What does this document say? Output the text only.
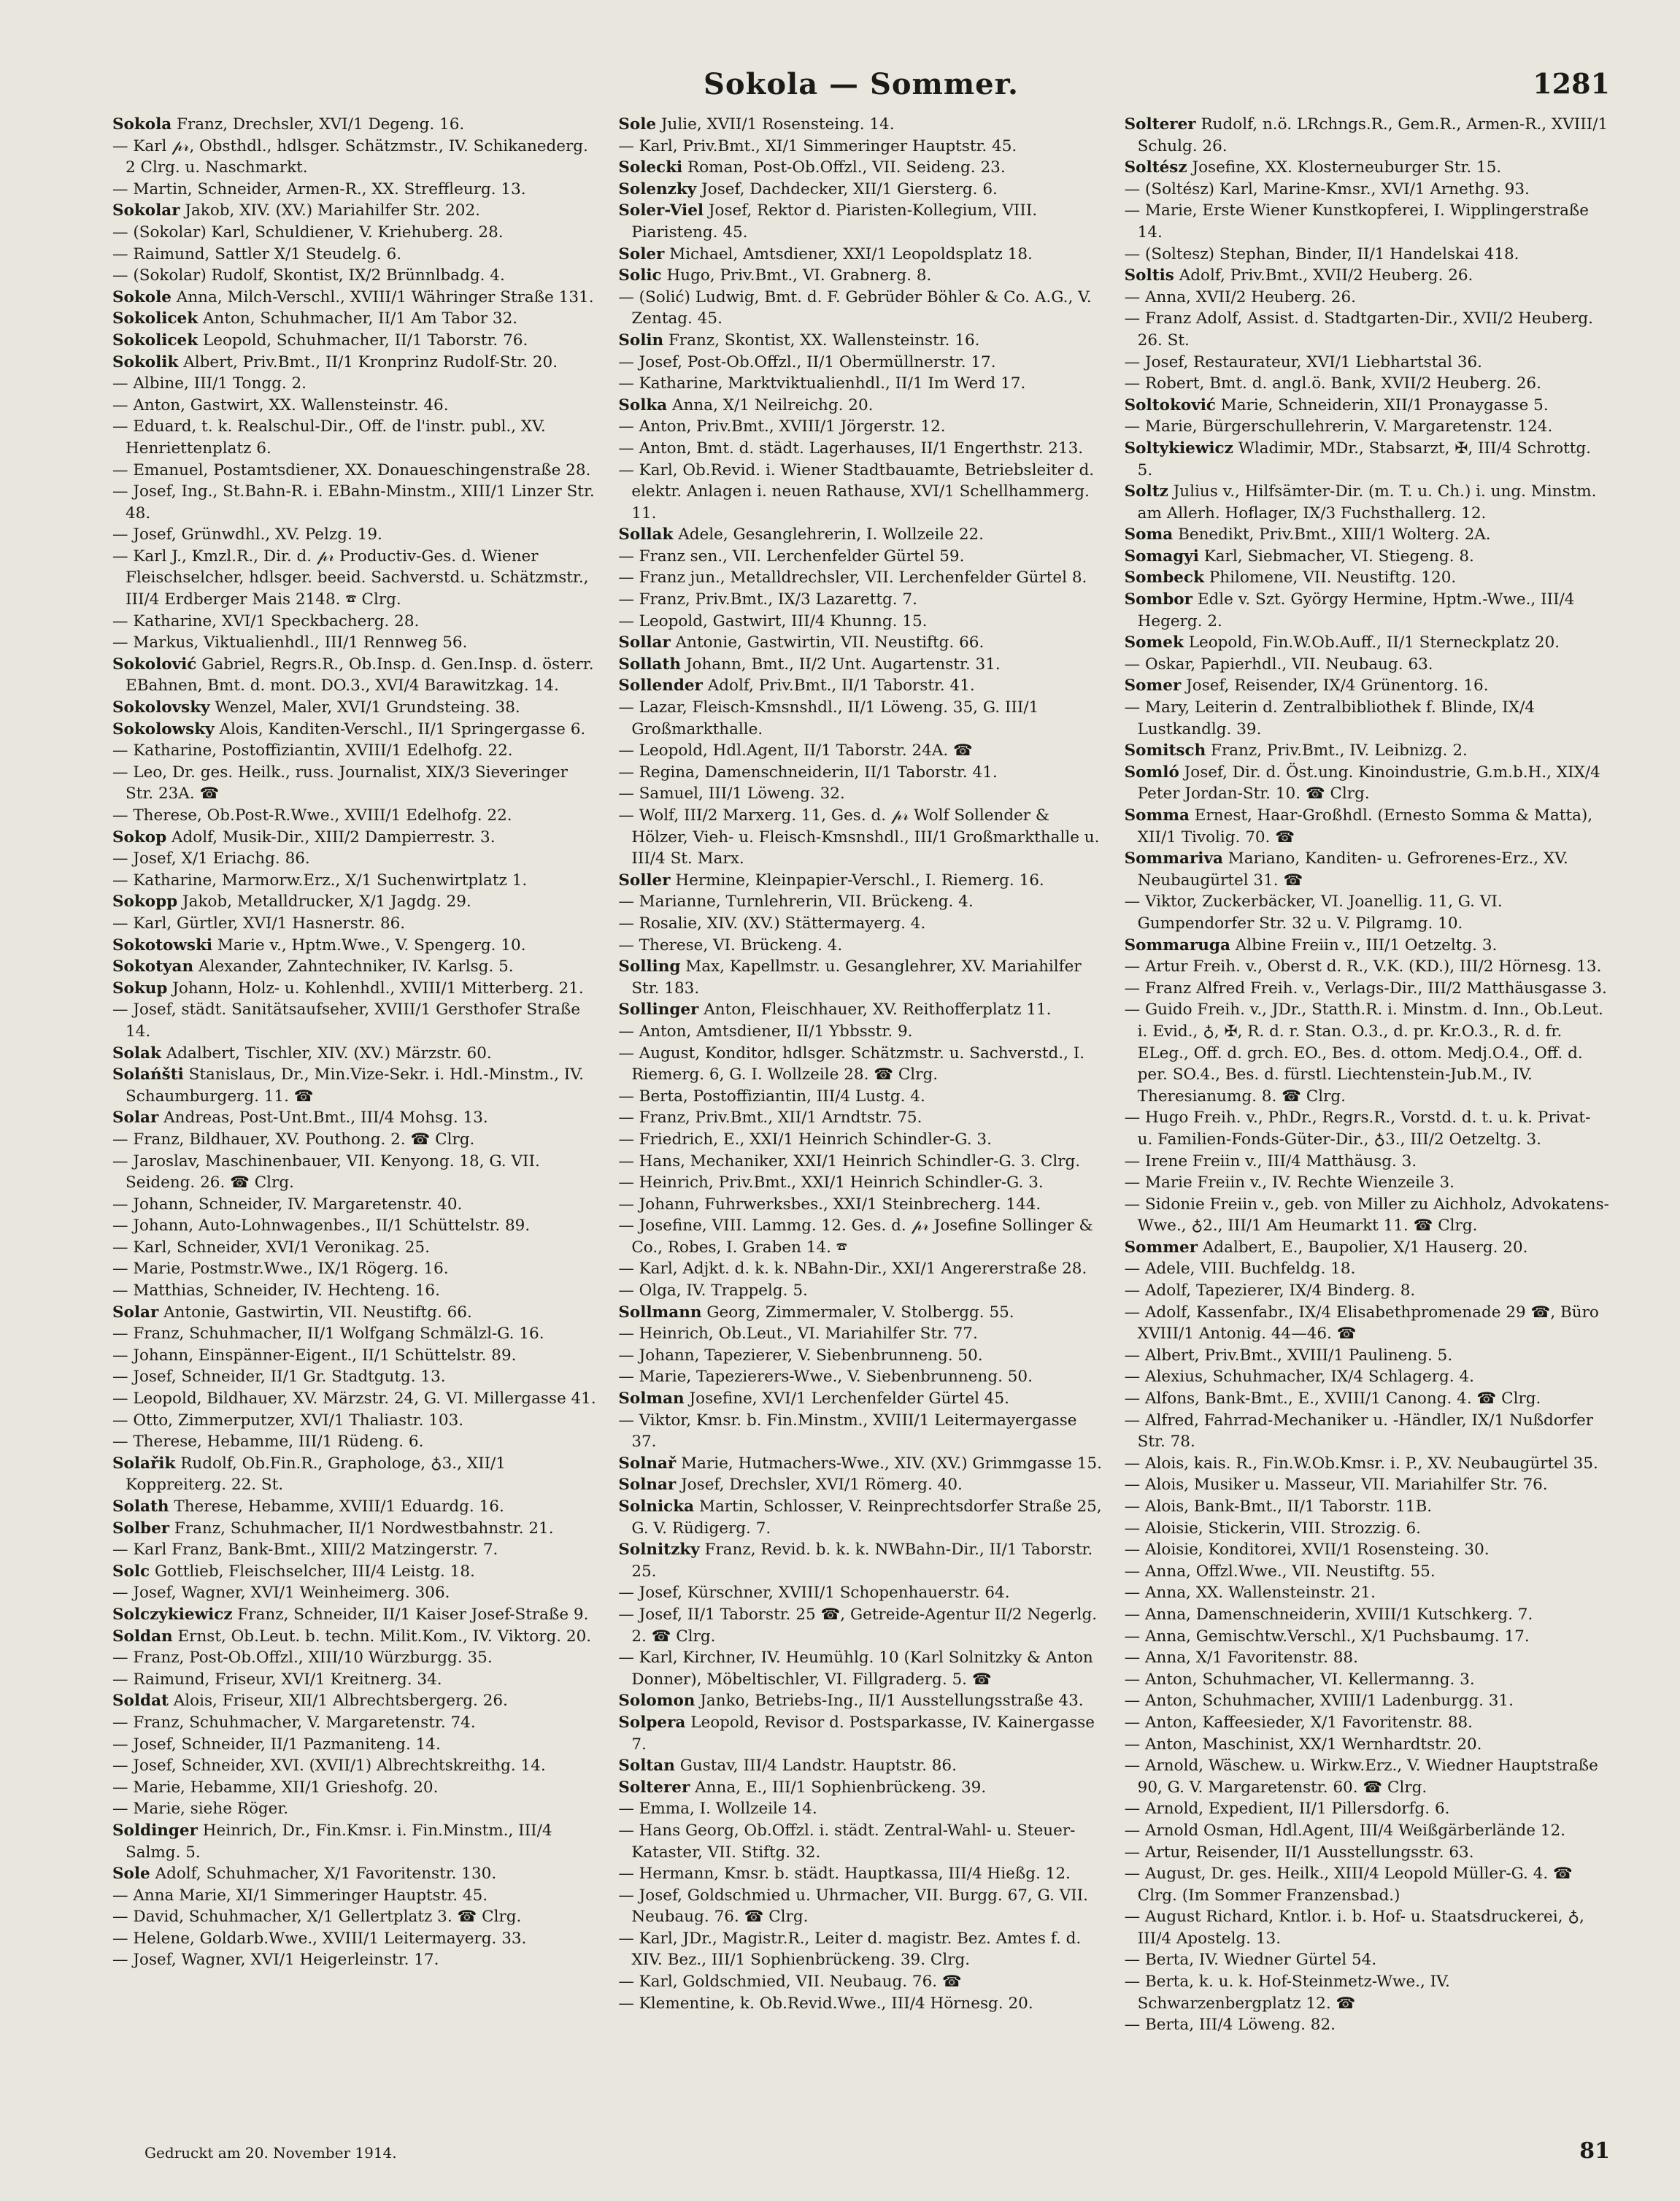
Sokola — Sommer.	1281

Sokola Franz, Drechsler, XVI/1 Degeng. 16.

— Karl 𝓅𝓇, Obsthdl., hdlsger. Schätzmstr., IV. Schikanederg. 2 Clrg. u. Naschmarkt.

— Martin, Schneider, Armen-R., XX. Streffleurg. 13.

Sokolar Jakob, XIV. (XV.) Mariahilfer Str. 202.

— (Sokolar) Karl, Schuldiener, V. Kriehuberg. 28.

— Raimund, Sattler X/1 Steudelg. 6.

— (Sokolar) Rudolf, Skontist, IX/2 Brünnlbadg. 4.

Sokole Anna, Milch-Verschl., XVIII/1 Währinger Straße 131.

Sokolicek Anton, Schuhmacher, II/1 Am Tabor 32.

Sokolicek Leopold, Schuhmacher, II/1 Taborstr. 76.

Sokolik Albert, Priv.Bmt., II/1 Kronprinz Rudolf-Str. 20.

— Albine, III/1 Tongg. 2.

— Anton, Gastwirt, XX. Wallensteinstr. 46.

— Eduard, t. k. Realschul-Dir., Off. de l'instr. publ., XV. Henriettenplatz 6.

— Emanuel, Postamtsdiener, XX. Donaueschingenstraße 28.

— Josef, Ing., St.Bahn-R. i. EBahn-Minstm., XIII/1 Linzer Str. 48.

— Josef, Grünwdhl., XV. Pelzg. 19.

— Karl J., Kmzl.R., Dir. d. 𝓅𝓇 Productiv-Ges. d. Wiener Fleischselcher, hdlsger. beeid. Sachverstd. u. Schätzmstr., III/4 Erdberger Mais 2148. ☎ Clrg.

— Katharine, XVI/1 Speckbacherg. 28.

— Markus, Viktualienhdl., III/1 Rennweg 56.

Sokolović Gabriel, Regrs.R., Ob.Insp. d. Gen.Insp. d. österr. EBahnen, Bmt. d. mont. DO.3., XVI/4 Barawitzkag. 14.

Sokolovsky Wenzel, Maler, XVI/1 Grundsteing. 38.

Sokolowsky Alois, Kanditen-Verschl., II/1 Springergasse 6.

— Katharine, Postoffiziantin, XVIII/1 Edelhofg. 22.

— Leo, Dr. ges. Heilk., russ. Journalist, XIX/3 Sieveringer Str. 23A. ☎

— Therese, Ob.Post-R.Wwe., XVIII/1 Edelhofg. 22.

Sokop Adolf, Musik-Dir., XIII/2 Dampierrestr. 3.

— Josef, X/1 Eriachg. 86.

— Katharine, Marmorw.Erz., X/1 Suchenwirtplatz 1.

Sokopp Jakob, Metalldrucker, X/1 Jagdg. 29.

— Karl, Gürtler, XVI/1 Hasnerstr. 86.

Sokotowski Marie v., Hptm.Wwe., V. Spengerg. 10.

Sokotyan Alexander, Zahntechniker, IV. Karlsg. 5.

Sokup Johann, Holz- u. Kohlenhdl., XVIII/1 Mitterberg. 21.

— Josef, städt. Sanitätsaufseher, XVIII/1 Gersthofer Straße 14.

Solak Adalbert, Tischler, XIV. (XV.) Märzstr. 60.

Solańšti Stanislaus, Dr., Min.Vize-Sekr. i. Hdl.-Minstm., IV. Schaumburgerg. 11. ☎

Solar Andreas, Post-Unt.Bmt., III/4 Mohsg. 13.

— Franz, Bildhauer, XV. Pouthong. 2. ☎ Clrg.

— Jaroslav, Maschinenbauer, VII. Kenyong. 18, G. VII. Seideng. 26. ☎ Clrg.

— Johann, Schneider, IV. Margaretenstr. 40.

— Johann, Auto-Lohnwagenbes., II/1 Schüttelstr. 89.

— Karl, Schneider, XVI/1 Veronikag. 25.

— Marie, Postmstr.Wwe., IX/1 Rögerg. 16.

— Matthias, Schneider, IV. Hechteng. 16.

Solar Antonie, Gastwirtin, VII. Neustiftg. 66.

— Franz, Schuhmacher, II/1 Wolfgang Schmälzl-G. 16.

— Johann, Einspänner-Eigent., II/1 Schüttelstr. 89.

— Josef, Schneider, II/1 Gr. Stadtgutg. 13.

— Leopold, Bildhauer, XV. Märzstr. 24, G. VI. Millergasse 41.

— Otto, Zimmerputzer, XVI/1 Thaliastr. 103.

— Therese, Hebamme, III/1 Rüdeng. 6.

Solařik Rudolf, Ob.Fin.R., Graphologe, ♁3., XII/1 Koppreiterg. 22. St.

Solath Therese, Hebamme, XVIII/1 Eduardg. 16.

Solber Franz, Schuhmacher, II/1 Nordwestbahnstr. 21.

— Karl Franz, Bank-Bmt., XIII/2 Matzingerstr. 7.

Solc Gottlieb, Fleischselcher, III/4 Leistg. 18.

— Josef, Wagner, XVI/1 Weinheimerg. 306.

Solczykiewicz Franz, Schneider, II/1 Kaiser Josef-Straße 9.

Soldan Ernst, Ob.Leut. b. techn. Milit.Kom., IV. Viktorg. 20.

— Franz, Post-Ob.Offzl., XIII/10 Würzburgg. 35.

— Raimund, Friseur, XVI/1 Kreitnerg. 34.

Soldat Alois, Friseur, XII/1 Albrechtsbergerg. 26.

— Franz, Schuhmacher, V. Margaretenstr. 74.

— Josef, Schneider, II/1 Pazmaniteng. 14.

— Josef, Schneider, XVI. (XVII/1) Albrechtskreithg. 14.

— Marie, Hebamme, XII/1 Grieshofg. 20.

— Marie, siehe Röger.

Soldinger Heinrich, Dr., Fin.Kmsr. i. Fin.Minstm., III/4 Salmg. 5.

Sole Adolf, Schuhmacher, X/1 Favoritenstr. 130.

— Anna Marie, XI/1 Simmeringer Hauptstr. 45.

— David, Schuhmacher, X/1 Gellertplatz 3. ☎ Clrg.

— Helene, Goldarb.Wwe., XVIII/1 Leitermayerg. 33.

— Josef, Wagner, XVI/1 Heigerleinstr. 17.

Sole Julie, XVII/1 Rosensteing. 14.

— Karl, Priv.Bmt., XI/1 Simmeringer Hauptstr. 45.

Solecki Roman, Post-Ob.Offzl., VII. Seideng. 23.

Solenzky Josef, Dachdecker, XII/1 Giersterg. 6.

Soler-Viel Josef, Rektor d. Piaristen-Kollegium, VIII. Piaristeng. 45.

Soler Michael, Amtsdiener, XXI/1 Leopoldsplatz 18.

Solic Hugo, Priv.Bmt., VI. Grabnerg. 8.

— (Solić) Ludwig, Bmt. d. F. Gebrüder Böhler & Co. A.G., V. Zentag. 45.

Solin Franz, Skontist, XX. Wallensteinstr. 16.

— Josef, Post-Ob.Offzl., II/1 Obermüllnerstr. 17.

— Katharine, Marktviktualienhdl., II/1 Im Werd 17.

Solka Anna, X/1 Neilreichg. 20.

— Anton, Priv.Bmt., XVIII/1 Jörgerstr. 12.

— Anton, Bmt. d. städt. Lagerhauses, II/1 Engerthstr. 213.

— Karl, Ob.Revid. i. Wiener Stadtbauamte, Betriebsleiter d. elektr. Anlagen i. neuen Rathause, XVI/1 Schellhammerg. 11.

Sollak Adele, Gesanglehrerin, I. Wollzeile 22.

— Franz sen., VII. Lerchenfelder Gürtel 59.

— Franz jun., Metalldrechsler, VII. Lerchenfelder Gürtel 8.

— Franz, Priv.Bmt., IX/3 Lazarettg. 7.

— Leopold, Gastwirt, III/4 Khunng. 15.

Sollar Antonie, Gastwirtin, VII. Neustiftg. 66.

Sollath Johann, Bmt., II/2 Unt. Augartenstr. 31.

Sollender Adolf, Priv.Bmt., II/1 Taborstr. 41.

— Lazar, Fleisch-Kmsnshdl., II/1 Löweng. 35, G. III/1 Großmarkthalle.

— Leopold, Hdl.Agent, II/1 Taborstr. 24A. ☎

— Regina, Damenschneiderin, II/1 Taborstr. 41.

— Samuel, III/1 Löweng. 32.

— Wolf, III/2 Marxerg. 11, Ges. d. 𝓅𝓇 Wolf Sollender & Hölzer, Vieh- u. Fleisch-Kmsnshdl., III/1 Großmarkthalle u. III/4 St. Marx.

Soller Hermine, Kleinpapier-Verschl., I. Riemerg. 16.

— Marianne, Turnlehrerin, VII. Brückeng. 4.

— Rosalie, XIV. (XV.) Stättermayerg. 4.

— Therese, VI. Brückeng. 4.

Solling Max, Kapellmstr. u. Gesanglehrer, XV. Mariahilfer Str. 183.

Sollinger Anton, Fleischhauer, XV. Reithofferplatz 11.

— Anton, Amtsdiener, II/1 Ybbsstr. 9.

— August, Konditor, hdlsger. Schätzmstr. u. Sachverstd., I. Riemerg. 6, G. I. Wollzeile 28. ☎ Clrg.

— Berta, Postoffiziantin, III/4 Lustg. 4.

— Franz, Priv.Bmt., XII/1 Arndtstr. 75.

— Friedrich, E., XXI/1 Heinrich Schindler-G. 3.

— Hans, Mechaniker, XXI/1 Heinrich Schindler-G. 3. Clrg.

— Heinrich, Priv.Bmt., XXI/1 Heinrich Schindler-G. 3.

— Johann, Fuhrwerksbes., XXI/1 Steinbrecherg. 144.

— Josefine, VIII. Lammg. 12. Ges. d. 𝓅𝓇 Josefine Sollinger & Co., Robes, I. Graben 14. ☎

— Karl, Adjkt. d. k. k. NBahn-Dir., XXI/1 Angererstraße 28.

— Olga, IV. Trappelg. 5.

Sollmann Georg, Zimmermaler, V. Stolbergg. 55.

— Heinrich, Ob.Leut., VI. Mariahilfer Str. 77.

— Johann, Tapezierer, V. Siebenbrunneng. 50.

— Marie, Tapezierers-Wwe., V. Siebenbrunneng. 50.

Solman Josefine, XVI/1 Lerchenfelder Gürtel 45.

— Viktor, Kmsr. b. Fin.Minstm., XVIII/1 Leitermayergasse 37.

Solnař Marie, Hutmachers-Wwe., XIV. (XV.) Grimmgasse 15.

Solnar Josef, Drechsler, XVI/1 Römerg. 40.

Solnicka Martin, Schlosser, V. Reinprechtsdorfer Straße 25, G. V. Rüdigerg. 7.

Solnitzky Franz, Revid. b. k. k. NWBahn-Dir., II/1 Taborstr. 25.

— Josef, Kürschner, XVIII/1 Schopenhauerstr. 64.

— Josef, II/1 Taborstr. 25 ☎, Getreide-Agentur II/2 Negerlg. 2. ☎ Clrg.

— Karl, Kirchner, IV. Heumühlg. 10 (Karl Solnitzky & Anton Donner), Möbeltischler, VI. Fillgraderg. 5. ☎

Solomon Janko, Betriebs-Ing., II/1 Ausstellungsstraße 43.

Solpera Leopold, Revisor d. Postsparkasse, IV. Kainergasse 7.

Soltan Gustav, III/4 Landstr. Hauptstr. 86.

Solterer Anna, E., III/1 Sophienbrückeng. 39.

— Emma, I. Wollzeile 14.

— Hans Georg, Ob.Offzl. i. städt. Zentral-Wahl- u. Steuer-Kataster, VII. Stiftg. 32.

— Hermann, Kmsr. b. städt. Hauptkassa, III/4 Hießg. 12.

— Josef, Goldschmied u. Uhrmacher, VII. Burgg. 67, G. VII. Neubaug. 76. ☎ Clrg.

— Karl, JDr., Magistr.R., Leiter d. magistr. Bez. Amtes f. d. XIV. Bez., III/1 Sophienbrückeng. 39. Clrg.

— Karl, Goldschmied, VII. Neubaug. 76. ☎

— Klementine, k. Ob.Revid.Wwe., III/4 Hörnesg. 20.

Solterer Rudolf, n.ö. LRchngs.R., Gem.R., Armen-R., XVIII/1 Schulg. 26.

Soltész Josefine, XX. Klosterneuburger Str. 15.

— (Soltész) Karl, Marine-Kmsr., XVI/1 Arnethg. 93.

— Marie, Erste Wiener Kunstkopferei, I. Wipplingerstraße 14.

— (Soltesz) Stephan, Binder, II/1 Handelskai 418.

Soltis Adolf, Priv.Bmt., XVII/2 Heuberg. 26.

— Anna, XVII/2 Heuberg. 26.

— Franz Adolf, Assist. d. Stadtgarten-Dir., XVII/2 Heuberg. 26. St.

— Josef, Restaurateur, XVI/1 Liebhartstal 36.

— Robert, Bmt. d. angl.ö. Bank, XVII/2 Heuberg. 26.

Soltoković Marie, Schneiderin, XII/1 Pronaygasse 5.

— Marie, Bürgerschullehrerin, V. Margaretenstr. 124.

Soltykiewicz Wladimir, MDr., Stabsarzt, ✠, III/4 Schrottg. 5.

Soltz Julius v., Hilfsämter-Dir. (m. T. u. Ch.) i. ung. Minstm. am Allerh. Hoflager, IX/3 Fuchsthallerg. 12.

Soma Benedikt, Priv.Bmt., XIII/1 Wolterg. 2A.

Somagyi Karl, Siebmacher, VI. Stiegeng. 8.

Sombeck Philomene, VII. Neustiftg. 120.

Sombor Edle v. Szt. György Hermine, Hptm.-Wwe., III/4 Hegerg. 2.

Somek Leopold, Fin.W.Ob.Auff., II/1 Sterneckplatz 20.

— Oskar, Papierhdl., VII. Neubaug. 63.

Somer Josef, Reisender, IX/4 Grünentorg. 16.

— Mary, Leiterin d. Zentralbibliothek f. Blinde, IX/4 Lustkandlg. 39.

Somitsch Franz, Priv.Bmt., IV. Leibnizg. 2.

Somló Josef, Dir. d. Öst.ung. Kinoindustrie, G.m.b.H., XIX/4 Peter Jordan-Str. 10. ☎ Clrg.

Somma Ernest, Haar-Großhdl. (Ernesto Somma & Matta), XII/1 Tivolig. 70. ☎

Sommariva Mariano, Kanditen- u. Gefrorenes-Erz., XV. Neubaugürtel 31. ☎

— Viktor, Zuckerbäcker, VI. Joanellig. 11, G. VI. Gumpendorfer Str. 32 u. V. Pilgramg. 10.

Sommaruga Albine Freiin v., III/1 Oetzeltg. 3.

— Artur Freih. v., Oberst d. R., V.K. (KD.), III/2 Hörnesg. 13.

— Franz Alfred Freih. v., Verlags-Dir., III/2 Matthäusgasse 3.

— Guido Freih. v., JDr., Statth.R. i. Minstm. d. Inn., Ob.Leut. i. Evid., ♁, ✠, R. d. r. Stan. O.3., d. pr. Kr.O.3., R. d. fr. ELeg., Off. d. grch. EO., Bes. d. ottom. Medj.O.4., Off. d. per. SO.4., Bes. d. fürstl. Liechtenstein-Jub.M., IV. Theresianumg. 8. ☎ Clrg.

— Hugo Freih. v., PhDr., Regrs.R., Vorstd. d. t. u. k. Privat- u. Familien-Fonds-Güter-Dir., ♁3., III/2 Oetzeltg. 3.

— Irene Freiin v., III/4 Matthäusg. 3.

— Marie Freiin v., IV. Rechte Wienzeile 3.

— Sidonie Freiin v., geb. von Miller zu Aichholz, Advokatens-Wwe., ♁2., III/1 Am Heumarkt 11. ☎ Clrg.

Sommer Adalbert, E., Baupolier, X/1 Hauserg. 20.

— Adele, VIII. Buchfeldg. 18.

— Adolf, Tapezierer, IX/4 Binderg. 8.

— Adolf, Kassenfabr., IX/4 Elisabethpromenade 29 ☎, Büro XVIII/1 Antonig. 44—46. ☎

— Albert, Priv.Bmt., XVIII/1 Paulineng. 5.

— Alexius, Schuhmacher, IX/4 Schlagerg. 4.

— Alfons, Bank-Bmt., E., XVIII/1 Canong. 4. ☎ Clrg.

— Alfred, Fahrrad-Mechaniker u. -Händler, IX/1 Nußdorfer Str. 78.

— Alois, kais. R., Fin.W.Ob.Kmsr. i. P., XV. Neubaugürtel 35.

— Alois, Musiker u. Masseur, VII. Mariahilfer Str. 76.

— Alois, Bank-Bmt., II/1 Taborstr. 11B.

— Aloisie, Stickerin, VIII. Strozzig. 6.

— Aloisie, Konditorei, XVII/1 Rosensteing. 30.

— Anna, Offzl.Wwe., VII. Neustiftg. 55.

— Anna, XX. Wallensteinstr. 21.

— Anna, Damenschneiderin, XVIII/1 Kutschkerg. 7.

— Anna, Gemischtw.Verschl., X/1 Puchsbaumg. 17.

— Anna, X/1 Favoritenstr. 88.

— Anton, Schuhmacher, VI. Kellermanng. 3.

— Anton, Schuhmacher, XVIII/1 Ladenburgg. 31.

— Anton, Kaffeesieder, X/1 Favoritenstr. 88.

— Anton, Maschinist, XX/1 Wernhardtstr. 20.

— Arnold, Wäschew. u. Wirkw.Erz., V. Wiedner Hauptstraße 90, G. V. Margaretenstr. 60. ☎ Clrg.

— Arnold, Expedient, II/1 Pillersdorfg. 6.

— Arnold Osman, Hdl.Agent, III/4 Weißgärberlände 12.

— Artur, Reisender, II/1 Ausstellungsstr. 63.

— August, Dr. ges. Heilk., XIII/4 Leopold Müller-G. 4. ☎ Clrg. (Im Sommer Franzensbad.)

— August Richard, Kntlor. i. b. Hof- u. Staatsdruckerei, ♁, III/4 Apostelg. 13.

— Berta, IV. Wiedner Gürtel 54.

— Berta, k. u. k. Hof-Steinmetz-Wwe., IV. Schwarzenbergplatz 12. ☎

— Berta, III/4 Löweng. 82.

Gedruckt am 20. November 1914.	81
